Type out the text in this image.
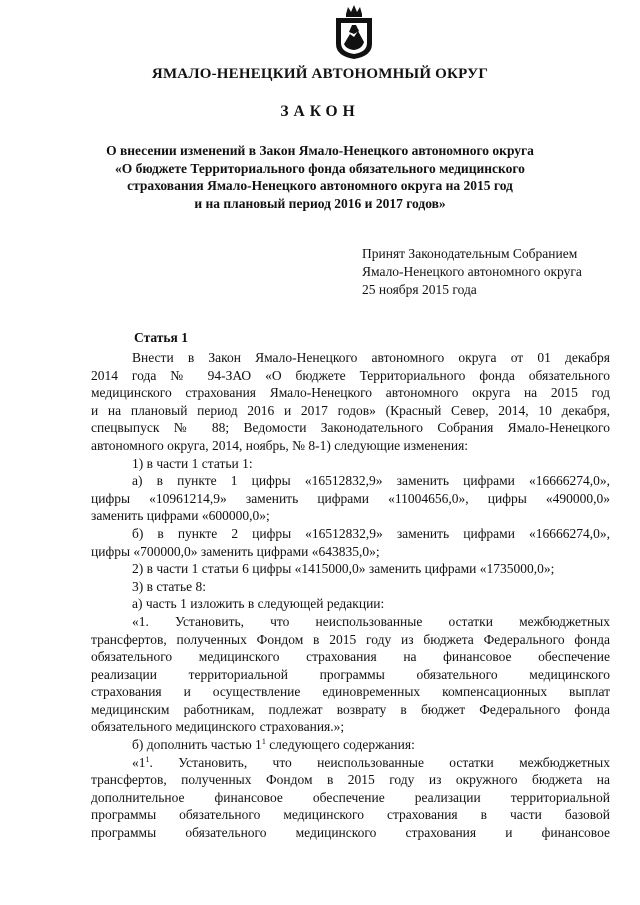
ЯМАЛО-НЕНЕЦКИЙ АВТОНОМНЫЙ ОКРУГ
ЗАКОН
О внесении изменений в Закон Ямало-Ненецкого автономного округа
«О бюджете Территориального фонда обязательного медицинского
страхования Ямало-Ненецкого автономного округа на 2015 год
и на плановый период 2016 и 2017 годов»
Принят Законодательным Собранием
Ямало-Ненецкого автономного округа
25 ноября 2015 года
Статья 1
Внести в Закон Ямало-Ненецкого автономного округа от 01 декабря
2014 года № 94-ЗАО «О бюджете Территориального фонда обязательного
медицинского страхования Ямало-Ненецкого автономного округа на 2015 год
и на плановый период 2016 и 2017 годов» (Красный Север, 2014, 10 декабря,
спецвыпуск № 88; Ведомости Законодательного Собрания Ямало-Ненецкого
автономного округа, 2014, ноябрь, № 8-1) следующие изменения:
1) в части 1 статьи 1:
а) в пункте 1 цифры «16512832,9» заменить цифрами «16666274,0»,
цифры «10961214,9» заменить цифрами «11004656,0», цифры «490000,0»
заменить цифрами «600000,0»;
б) в пункте 2 цифры «16512832,9» заменить цифрами «16666274,0»,
цифры «700000,0» заменить цифрами «643835,0»;
2) в части 1 статьи 6 цифры «1415000,0» заменить цифрами «1735000,0»;
3) в статье 8:
а) часть 1 изложить в следующей редакции:
«1. Установить, что неиспользованные остатки межбюджетных
трансфертов, полученных Фондом в 2015 году из бюджета Федерального фонда
обязательного медицинского страхования на финансовое обеспечение
реализации территориальной программы обязательного медицинского
страхования и осуществление единовременных компенсационных выплат
медицинским работникам, подлежат возврату в бюджет Федерального фонда
обязательного медицинского страхования.»;
б) дополнить частью $1^1$ следующего содержания:
«$1^1$. Установить, что неиспользованные остатки межбюджетных
трансфертов, полученных Фондом в 2015 году из окружного бюджета на
дополнительное финансовое обеспечение реализации территориальной
программы обязательного медицинского страхования в части базовой
программы обязательного медицинского страхования и финансовое
